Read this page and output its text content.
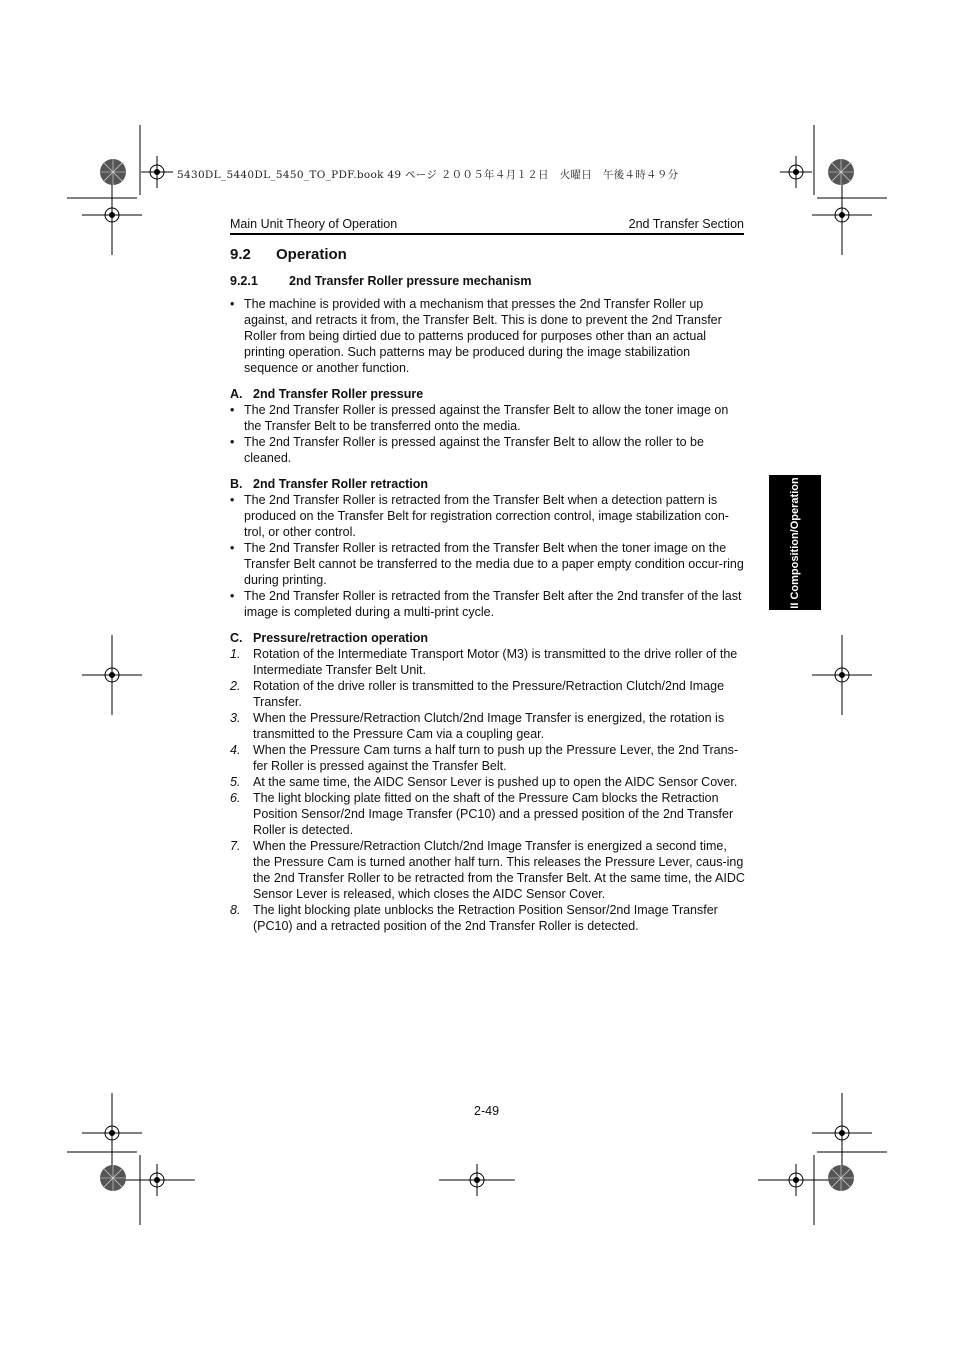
5430DL_5440DL_5450_TO_PDF.book 49 ページ ２００５年４月１２日　火曜日　午後４時４９分
Main Unit Theory of Operation	2nd Transfer Section
II Composition/Operation
9.2 Operation
9.2.1 2nd Transfer Roller pressure mechanism
• The machine is provided with a mechanism that presses the 2nd Transfer Roller up against, and retracts it from, the Transfer Belt. This is done to prevent the 2nd Transfer Roller from being dirtied due to patterns produced for purposes other than an actual printing operation. Such patterns may be produced during the image stabilization sequence or another function.
A. 2nd Transfer Roller pressure
• The 2nd Transfer Roller is pressed against the Transfer Belt to allow the toner image on the Transfer Belt to be transferred onto the media.
• The 2nd Transfer Roller is pressed against the Transfer Belt to allow the roller to be cleaned.
B. 2nd Transfer Roller retraction
• The 2nd Transfer Roller is retracted from the Transfer Belt when a detection pattern is produced on the Transfer Belt for registration correction control, image stabilization con-trol, or other control.
• The 2nd Transfer Roller is retracted from the Transfer Belt when the toner image on the Transfer Belt cannot be transferred to the media due to a paper empty condition occur-ring during printing.
• The 2nd Transfer Roller is retracted from the Transfer Belt after the 2nd transfer of the last image is completed during a multi-print cycle.
C. Pressure/retraction operation
1. Rotation of the Intermediate Transport Motor (M3) is transmitted to the drive roller of the Intermediate Transfer Belt Unit.
2. Rotation of the drive roller is transmitted to the Pressure/Retraction Clutch/2nd Image Transfer.
3. When the Pressure/Retraction Clutch/2nd Image Transfer is energized, the rotation is transmitted to the Pressure Cam via a coupling gear.
4. When the Pressure Cam turns a half turn to push up the Pressure Lever, the 2nd Trans-fer Roller is pressed against the Transfer Belt.
5. At the same time, the AIDC Sensor Lever is pushed up to open the AIDC Sensor Cover.
6. The light blocking plate fitted on the shaft of the Pressure Cam blocks the Retraction Position Sensor/2nd Image Transfer (PC10) and a pressed position of the 2nd Transfer Roller is detected.
7. When the Pressure/Retraction Clutch/2nd Image Transfer is energized a second time, the Pressure Cam is turned another half turn. This releases the Pressure Lever, caus-ing the 2nd Transfer Roller to be retracted from the Transfer Belt. At the same time, the AIDC Sensor Lever is released, which closes the AIDC Sensor Cover.
8. The light blocking plate unblocks the Retraction Position Sensor/2nd Image Transfer (PC10) and a retracted position of the 2nd Transfer Roller is detected.
2-49
